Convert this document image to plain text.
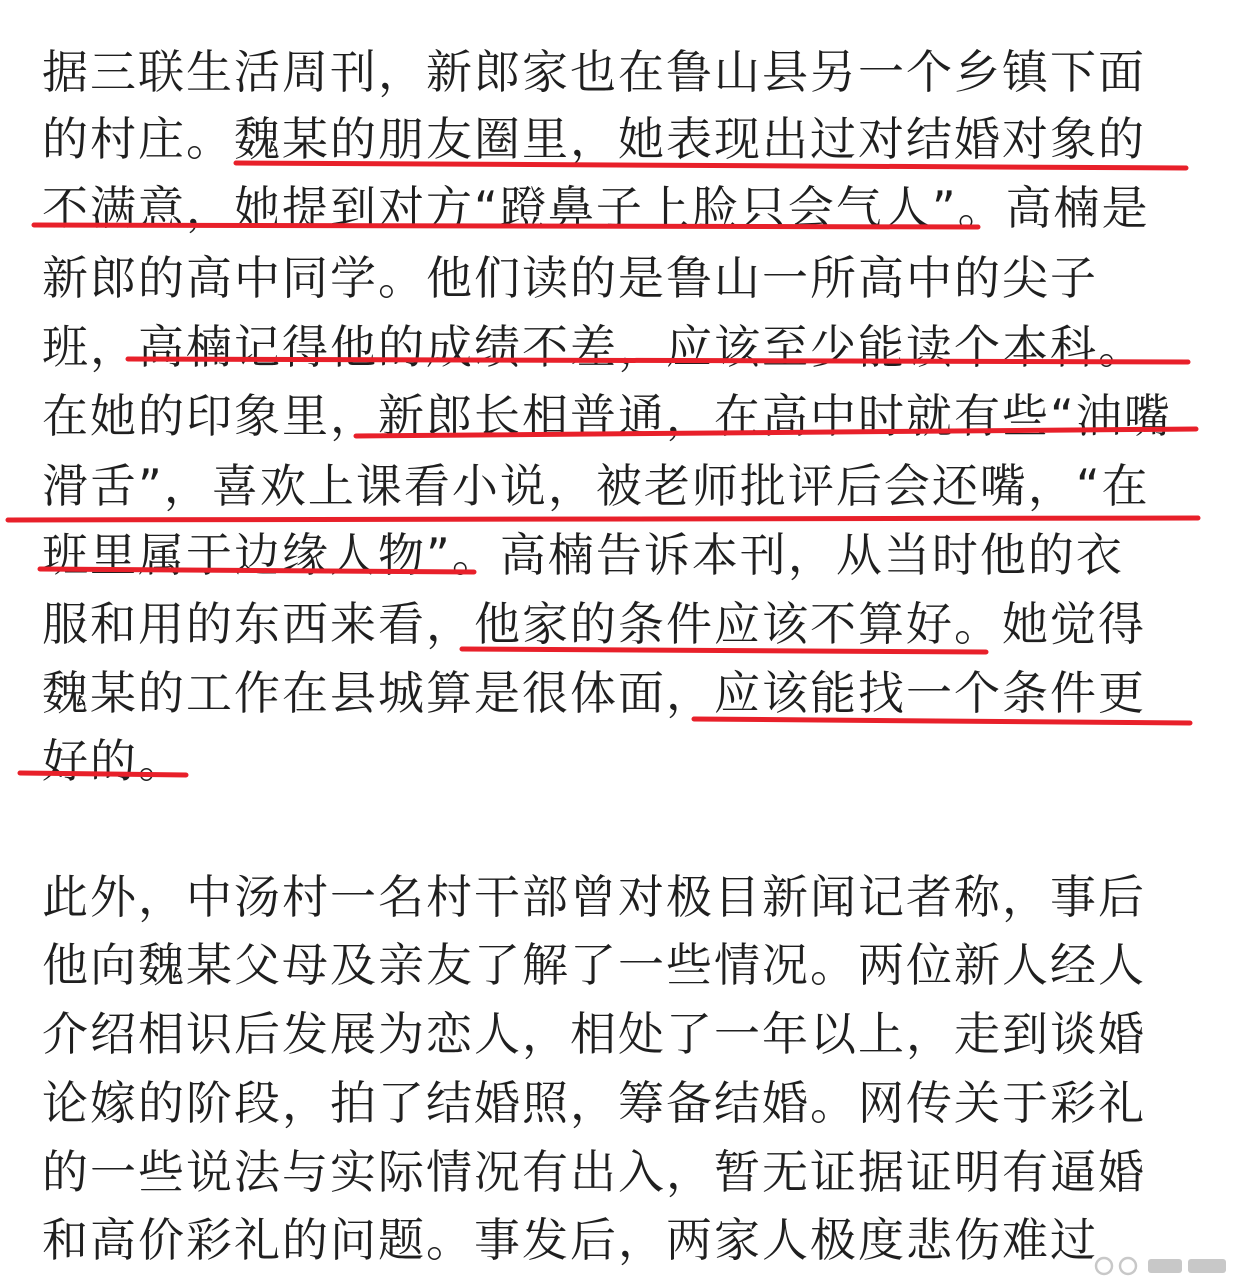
据三联生活周刊，新郎家也在鲁山县另一个乡镇下面

的村庄。魏某的朋友圈里，她表现出过对结婚对象的

不满意，她提到对方“蹬鼻子上脸只会气人”。高楠是

新郎的高中同学。他们读的是鲁山一所高中的尖子

班，高楠记得他的成绩不差，应该至少能读个本科。

在她的印象里，新郎长相普通，在高中时就有些“油嘴

滑舌”，喜欢上课看小说，被老师批评后会还嘴，“在

班里属于边缘人物”。高楠告诉本刊，从当时他的衣

服和用的东西来看，他家的条件应该不算好。她觉得

魏某的工作在县城算是很体面，应该能找一个条件更

好的。

此外，中汤村一名村干部曾对极目新闻记者称，事后

他向魏某父母及亲友了解了一些情况。两位新人经人

介绍相识后发展为恋人，相处了一年以上，走到谈婚

论嫁的阶段，拍了结婚照，筹备结婚。网传关于彩礼

的一些说法与实际情况有出入，暂无证据证明有逼婚

和高价彩礼的问题。事发后，两家人极度悲伤难过
